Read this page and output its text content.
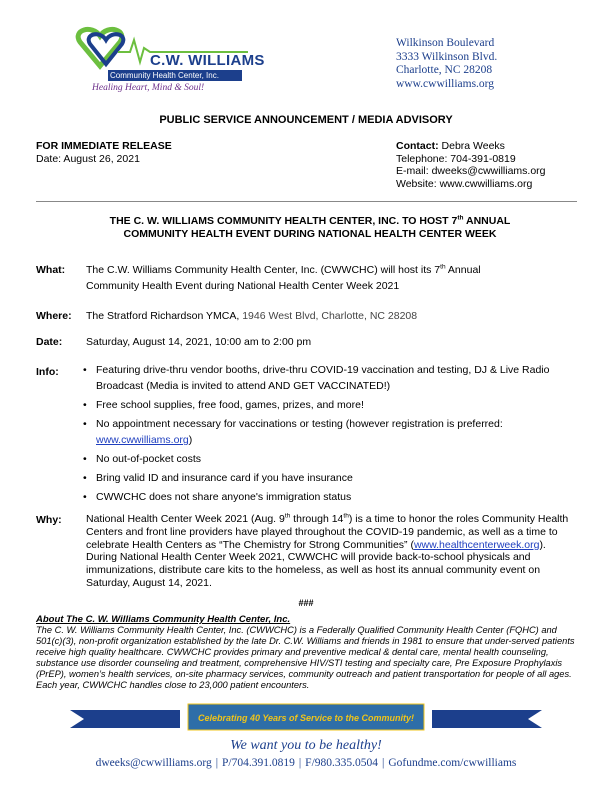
C.W. WILLIAMS
Community Health Center, Inc.
Healing Heart, Mind & Soul!
Wilkinson Boulevard
3333 Wilkinson Blvd.
Charlotte, NC 28208
www.cwwilliams.org
PUBLIC SERVICE ANNOUNCEMENT / MEDIA ADVISORY
FOR IMMEDIATE RELEASE
Date: August 26, 2021
Contact: Debra Weeks
Telephone: 704-391-0819
E-mail: dweeks@cwwilliams.org
Website: www.cwwilliams.org
THE C. W. WILLIAMS COMMUNITY HEALTH CENTER, INC. TO HOST 7th ANNUAL
COMMUNITY HEALTH EVENT DURING NATIONAL HEALTH CENTER WEEK
What: The C.W. Williams Community Health Center, Inc. (CWWCHC) will host its 7th Annual
Community Health Event during National Health Center Week 2021
Where: The Stratford Richardson YMCA, 1946 West Blvd, Charlotte, NC 28208
Date: Saturday, August 14, 2021, 10:00 am to 2:00 pm
Info: • Featuring drive-thru vendor booths, drive-thru COVID-19 vaccination and testing, DJ & Live Radio Broadcast (Media is invited to attend AND GET VACCINATED!)
• Free school supplies, free food, games, prizes, and more!
• No appointment necessary for vaccinations or testing (however registration is preferred: www.cwwilliams.org)
• No out-of-pocket costs
• Bring valid ID and insurance card if you have insurance
• CWWCHC does not share anyone's immigration status
Why: National Health Center Week 2021 (Aug. 9th through 14th) is a time to honor the roles Community Health Centers and front line providers have played throughout the COVID-19 pandemic, as well as a time to celebrate Health Centers as “The Chemistry for Strong Communities” (www.healthcenterweek.org). During National Health Center Week 2021, CWWCHC will provide back-to-school physicals and immunizations, distribute care kits to the homeless, as well as host its annual community event on Saturday, August 14, 2021.
###
About The C. W. Williams Community Health Center, Inc.
The C. W. Williams Community Health Center, Inc. (CWWCHC) is a Federally Qualified Community Health Center (FQHC) and 501(c)(3), non-profit organization established by the late Dr. C.W. Williams and friends in 1981 to ensure that under-served patients receive high quality healthcare. CWWCHC provides primary and preventive medical & dental care, mental health counseling, substance use disorder counseling and treatment, comprehensive HIV/STI testing and specialty care, Pre Exposure Prophylaxis (PrEP), women’s health services, on-site pharmacy services, community outreach and patient transportation for people of all ages. Each year, CWWCHC handles close to 23,000 patient encounters.
Celebrating 40 Years of Service to the Community!
We want you to be healthy!
dweeks@cwwilliams.org | P/704.391.0819 | F/980.335.0504 | Gofundme.com/cwwilliams
